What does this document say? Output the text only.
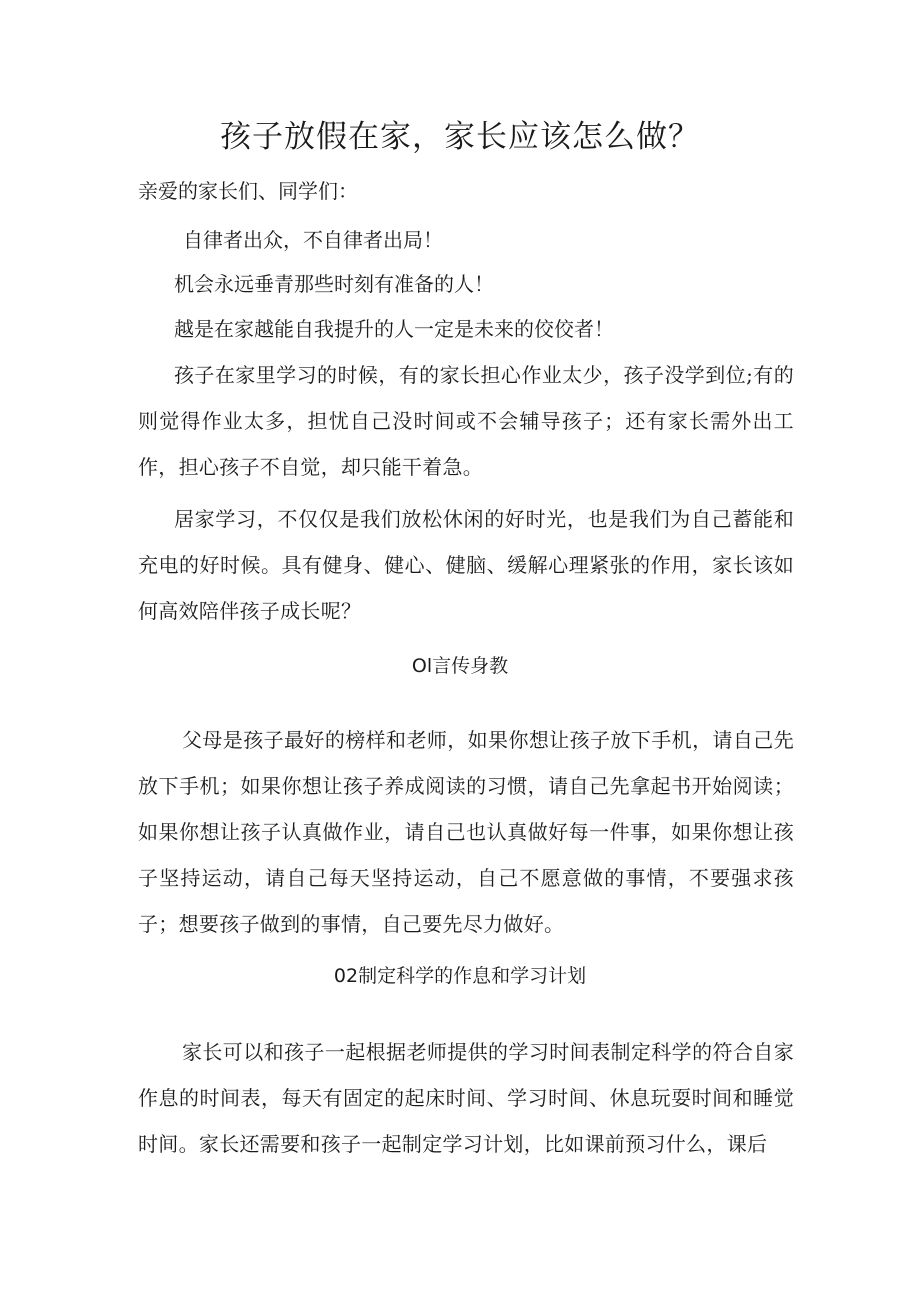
孩子放假在家，家长应该怎么做？

亲爱的家长们、同学们：

自律者出众，不自律者出局！

机会永远垂青那些时刻有准备的人！

越是在家越能自我提升的人一定是未来的佼佼者！

孩子在家里学习的时候，有的家长担心作业太少，孩子没学到位;有的则觉得作业太多，担忧自己没时间或不会辅导孩子；还有家长需外出工作，担心孩子不自觉，却只能干着急。

居家学习，不仅仅是我们放松休闲的好时光，也是我们为自己蓄能和充电的好时候。具有健身、健心、健脑、缓解心理紧张的作用，家长该如何高效陪伴孩子成长呢？

Ol言传身教

父母是孩子最好的榜样和老师，如果你想让孩子放下手机，请自己先放下手机；如果你想让孩子养成阅读的习惯，请自己先拿起书开始阅读；如果你想让孩子认真做作业，请自己也认真做好每一件事，如果你想让孩子坚持运动，请自己每天坚持运动，自己不愿意做的事情，不要强求孩子；想要孩子做到的事情，自己要先尽力做好。

02制定科学的作息和学习计划

家长可以和孩子一起根据老师提供的学习时间表制定科学的符合自家作息的时间表，每天有固定的起床时间、学习时间、休息玩耍时间和睡觉时间。家长还需要和孩子一起制定学习计划，比如课前预习什么，课后
